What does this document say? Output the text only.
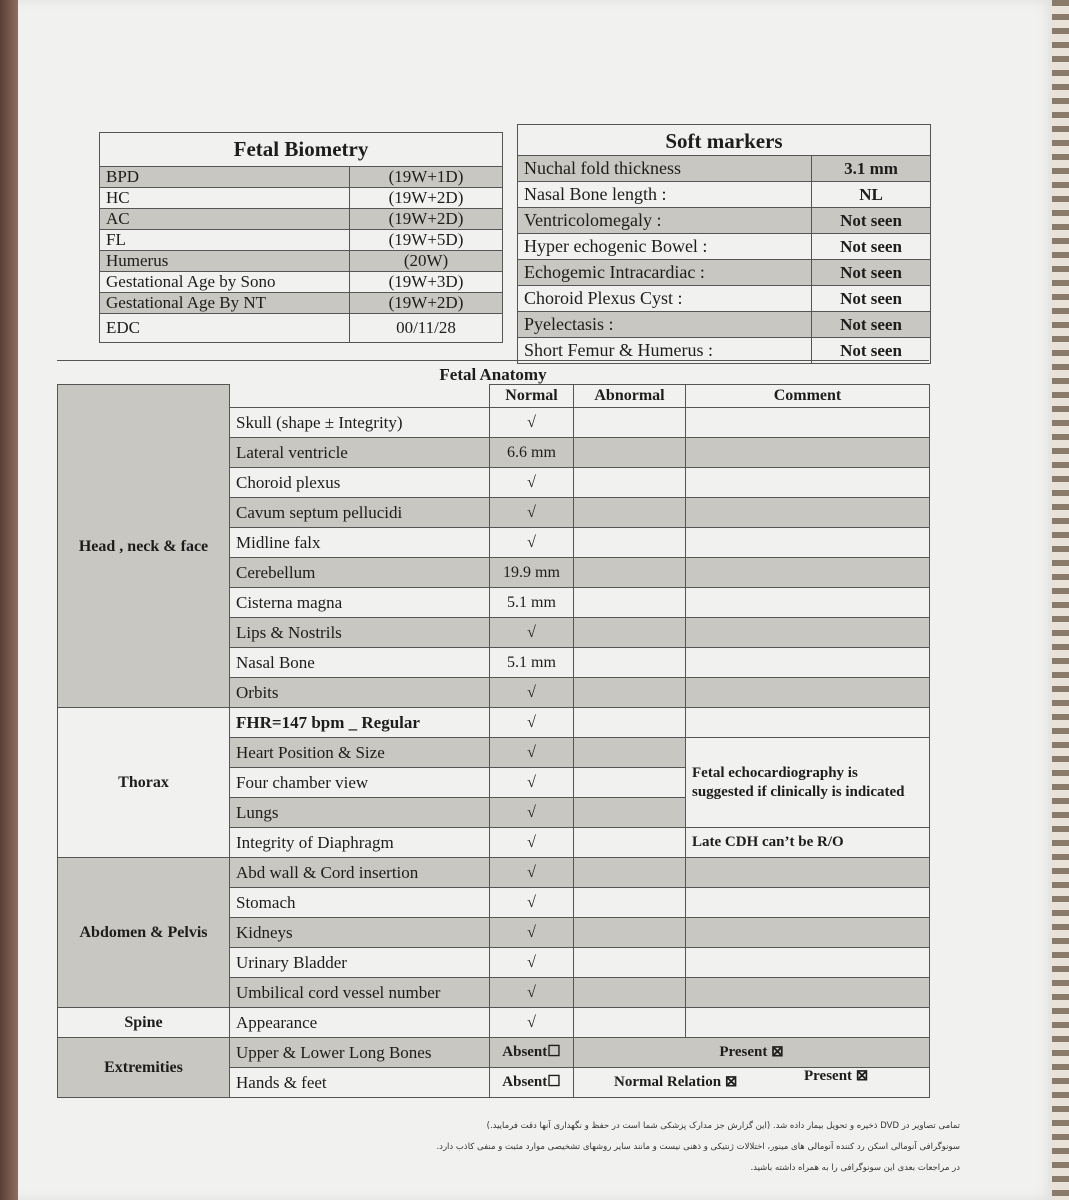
Fetal Biometry
BPD	(19W+1D)
HC	(19W+2D)
AC	(19W+2D)
FL	(19W+5D)
Humerus	(20W)
Gestational Age by Sono	(19W+3D)
Gestational Age By NT	(19W+2D)
EDC	00/11/28
Soft markers
Nuchal fold thickness	3.1 mm
Nasal Bone length :	NL
Ventricolomegaly :	Not seen
Hyper echogenic Bowel :	Not seen
Echogemic Intracardiac :	Not seen
Choroid Plexus Cyst :	Not seen
Pyelectasis :	Not seen
Short Femur & Humerus :	Not seen
Fetal Anatomy
Head , neck & face		Normal	Abnormal	Comment
	Skull (shape ± Integrity)	√		
	Lateral ventricle	6.6 mm		
	Choroid plexus	√		
	Cavum septum pellucidi	√		
	Midline falx	√		
	Cerebellum	19.9 mm		
	Cisterna magna	5.1 mm		
	Lips & Nostrils	√		
	Nasal Bone	5.1 mm		
	Orbits	√		
Thorax	FHR=147 bpm _ Regular	√		
	Heart Position & Size	√		Fetal echocardiography is suggested if clinically is indicated
	Four chamber view	√		
	Lungs	√		
	Integrity of Diaphragm	√		Late CDH can’t be R/O
Abdomen & Pelvis	Abd wall & Cord insertion	√		
	Stomach	√		
	Kidneys	√		
	Urinary Bladder	√		
	Umbilical cord vessel number	√		
Spine	Appearance	√		
Extremities	Upper & Lower Long Bones	Absent☐	Present ⊠	
	Hands & feet	Absent☐	Normal Relation ⊠		Present ⊠
تمامی تصاویر در DVD ذخیره و تحویل بیمار داده شد. (این گزارش جز مدارک پزشکی شما است در حفظ و نگهداری آنها دقت فرمایید.)
سونوگرافی آنومالی اسکن رد کننده آنومالی های مینور، اختلالات ژنتیکی و ذهنی نیست و مانند سایر روشهای تشخیصی موارد مثبت و منفی کاذب دارد.
در مراجعات بعدی این سونوگرافی را به همراه داشته باشید.
